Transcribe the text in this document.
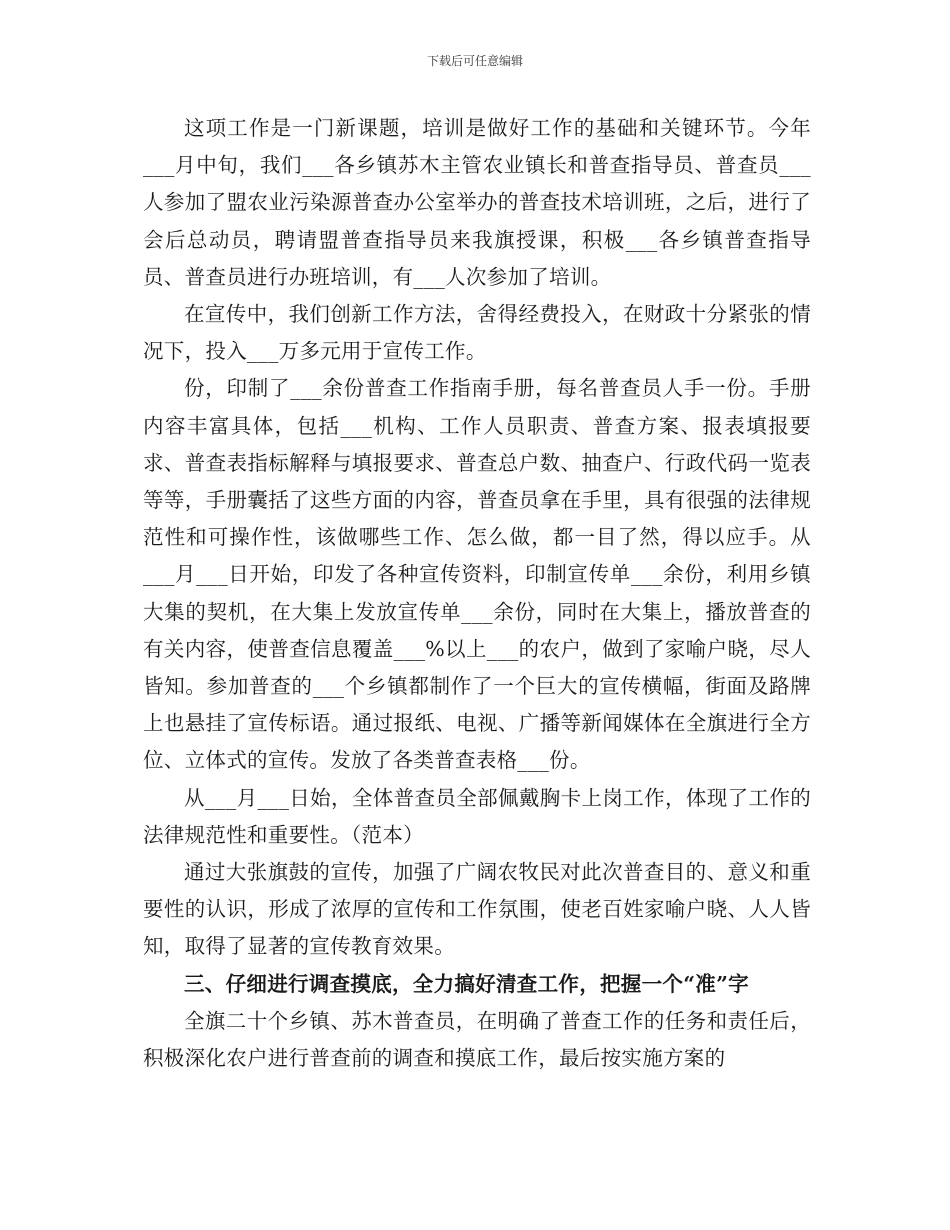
下载后可任意编辑

这项工作是一门新课题，培训是做好工作的基础和关键环节。今年___月中旬，我们___各乡镇苏木主管农业镇长和普查指导员、普查员___人参加了盟农业污染源普查办公室举办的普查技术培训班，之后，进行了会后总动员，聘请盟普查指导员来我旗授课，积极___各乡镇普查指导员、普查员进行办班培训，有___人次参加了培训。

在宣传中，我们创新工作方法，舍得经费投入，在财政十分紧张的情况下，投入___万多元用于宣传工作。

份，印制了___余份普查工作指南手册，每名普查员人手一份。手册内容丰富具体，包括___机构、工作人员职责、普查方案、报表填报要求、普查表指标解释与填报要求、普查总户数、抽查户、行政代码一览表等等，手册囊括了这些方面的内容，普查员拿在手里，具有很强的法律规范性和可操作性，该做哪些工作、怎么做，都一目了然，得以应手。从___月___日开始，印发了各种宣传资料，印制宣传单___余份，利用乡镇大集的契机，在大集上发放宣传单___余份，同时在大集上，播放普查的有关内容，使普查信息覆盖___%以上___的农户，做到了家喻户晓，尽人皆知。参加普查的___个乡镇都制作了一个巨大的宣传横幅，街面及路牌上也悬挂了宣传标语。通过报纸、电视、广播等新闻媒体在全旗进行全方位、立体式的宣传。发放了各类普查表格___份。

从___月___日始，全体普查员全部佩戴胸卡上岗工作，体现了工作的法律规范性和重要性。（范本）

通过大张旗鼓的宣传，加强了广阔农牧民对此次普查目的、意义和重要性的认识，形成了浓厚的宣传和工作氛围，使老百姓家喻户晓、人人皆知，取得了显著的宣传教育效果。

三、仔细进行调查摸底，全力搞好清查工作，把握一个“准”字

全旗二十个乡镇、苏木普查员，在明确了普查工作的任务和责任后，积极深化农户进行普查前的调查和摸底工作，最后按实施方案的
